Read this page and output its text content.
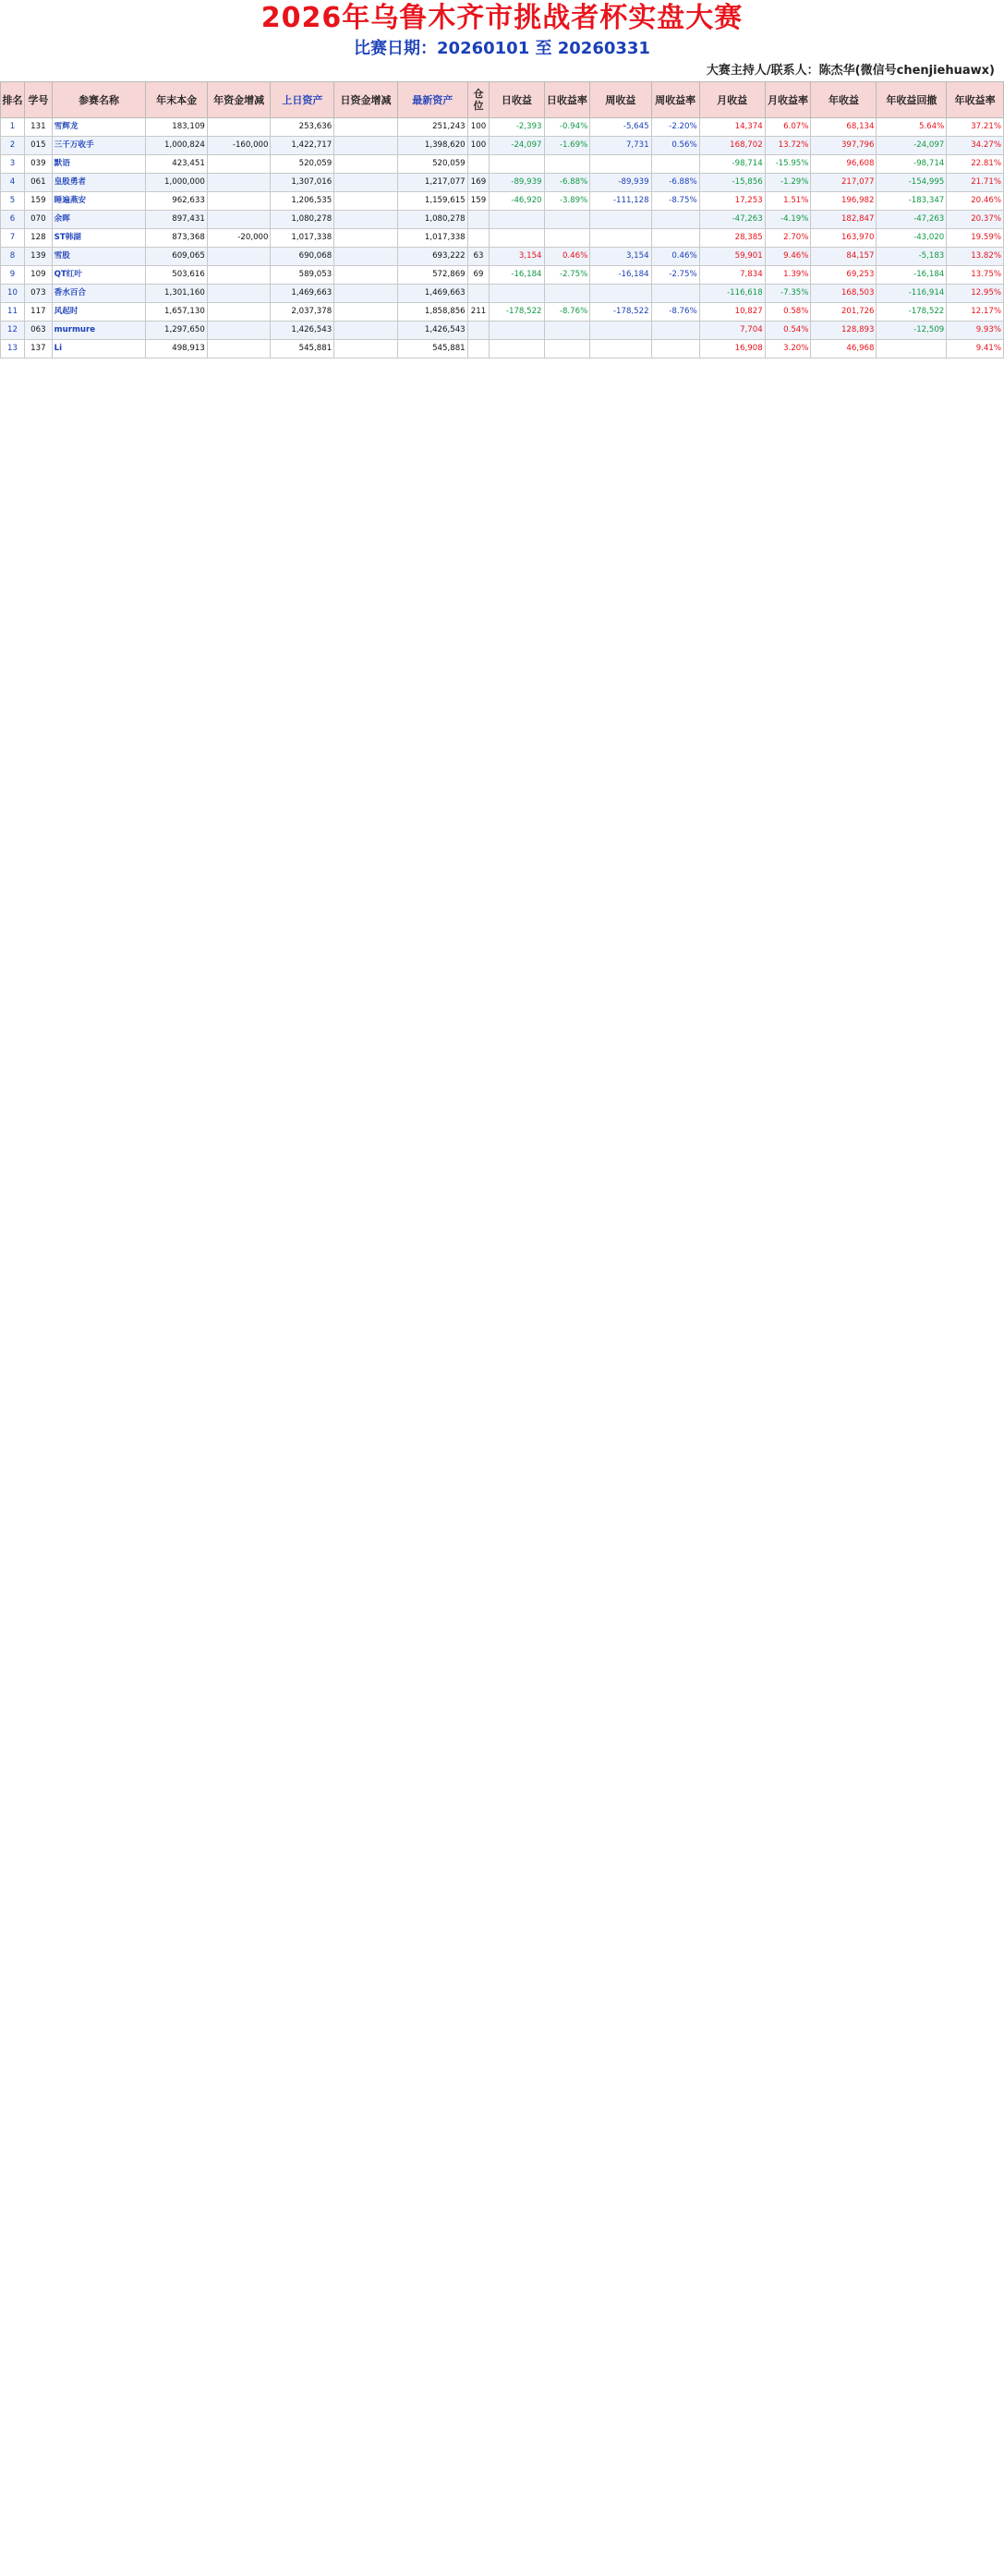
2026年乌鲁木齐市挑战者杯实盘大赛
比赛日期：20260101 至 20260331
大赛主持人/联系人：陈杰华(微信号chenjiehuawx)
排名	学号	参赛名称	年末本金	年资金增减	上日资产	日资金增减	最新资产	仓位	日收益	日收益率	周收益	周收益率	月收益	月收益率	年收益	年收益回撤	年收益率
1	131	雪辉龙	183,109		253,636		251,243	100	-2,393	-0.94%	-5,645	-2.20%	14,374	6.07%	68,134	5.64%	37.21%
2	015	三千万收手	1,000,824	-160,000	1,422,717		1,398,620	100	-24,097	-1.69%	7,731	0.56%	168,702	13.72%	397,796	-24,097	34.27%
3	039	默语	423,451		520,059		520,059						-98,714	-15.95%	96,608	-98,714	22.81%
4	061	皇股勇者	1,000,000		1,307,016		1,217,077	169	-89,939	-6.88%	-89,939	-6.88%	-15,856	-1.29%	217,077	-154,995	21.71%
5	159	睡遍燕安	962,633		1,206,535		1,159,615	159	-46,920	-3.89%	-111,128	-8.75%	17,253	1.51%	196,982	-183,347	20.46%
6	070	余晖	897,431		1,080,278		1,080,278						-47,263	-4.19%	182,847	-47,263	20.37%
7	128	ST韩湖	873,368	-20,000	1,017,338		1,017,338						28,385	2.70%	163,970	-43,020	19.59%
8	139	雪股	609,065		690,068		693,222	63	3,154	0.46%	3,154	0.46%	59,901	9.46%	84,157	-5,183	13.82%
9	109	QT红叶	503,616		589,053		572,869	69	-16,184	-2.75%	-16,184	-2.75%	7,834	1.39%	69,253	-16,184	13.75%
10	073	香水百合	1,301,160		1,469,663		1,469,663						-116,618	-7.35%	168,503	-116,914	12.95%
11	117	风起时	1,657,130		2,037,378		1,858,856	211	-178,522	-8.76%	-178,522	-8.76%	10,827	0.58%	201,726	-178,522	12.17%
12	063	murmure	1,297,650		1,426,543		1,426,543						7,704	0.54%	128,893	-12,509	9.93%
13	137	Li	498,913		545,881		545,881						16,908	3.20%	46,968		9.41%
